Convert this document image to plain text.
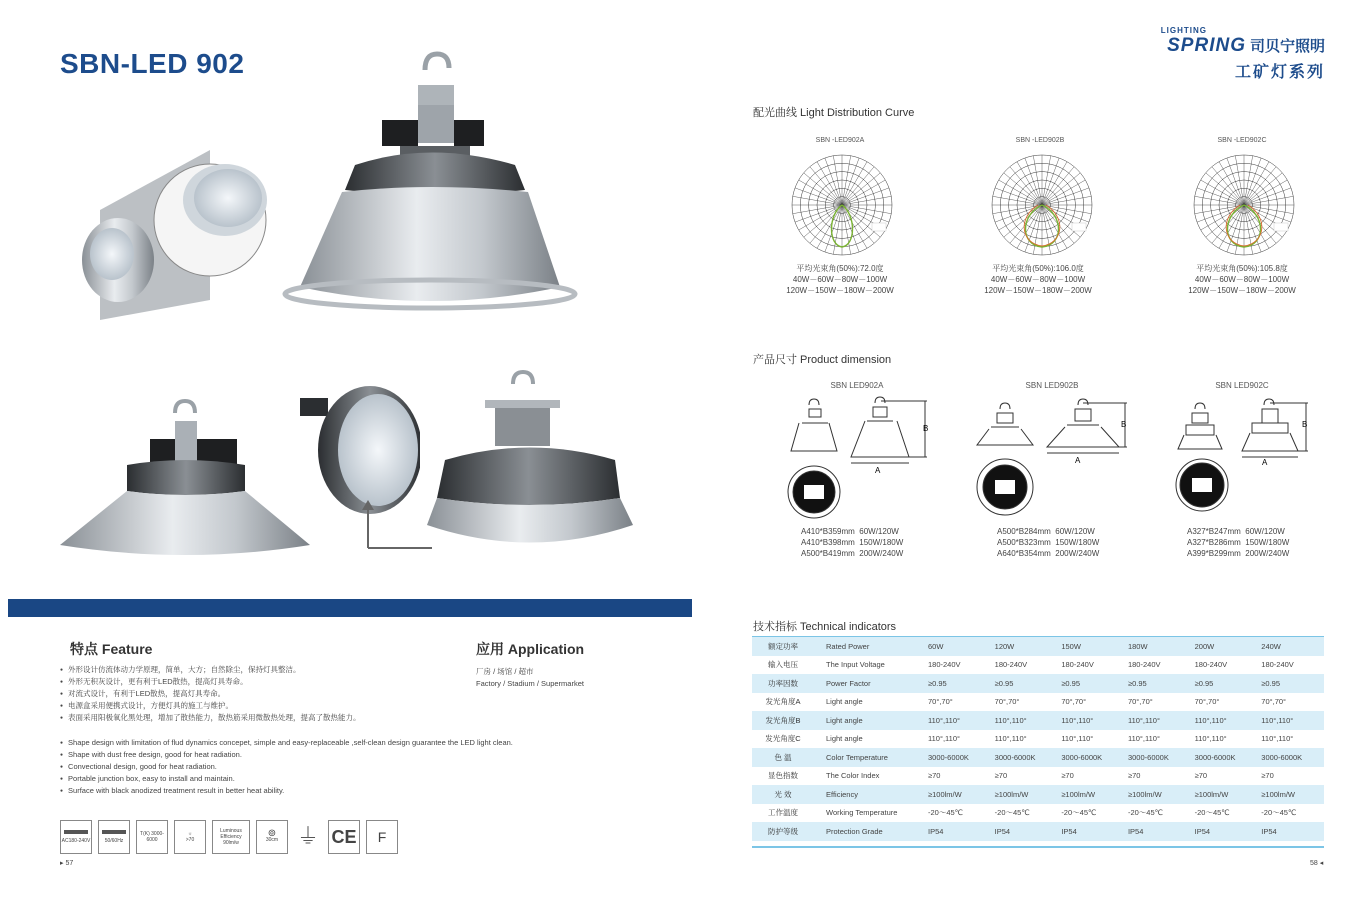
SBN-LED 902
特点 Feature	应用 Application
● 外形设计仿流体动力学原理，简单，大方；自然除尘，保持灯具整洁。
● 外形无积灰设计，更有利于LED散热，提高灯具寿命。
● 对流式设计，有利于LED散热，提高灯具寿命。
● 电源盒采用便携式设计，方便灯具的施工与维护。
● 表面采用阳极氧化黑处理，增加了散热能力，散热筋采用微散热处理，提高了散热能力。
● Shape design with limitation of flud dynamics concepet, simple and easy-replaceable ,self-clean design guarantee the LED light clean.
● Shape with dust free design, good for heat radiation.
● Convectional design, good for heat radiation.
● Portable junction box, easy to install and maintain.
● Surface with black anodized treatment result in better heat ability.
厂房 / 场馆 / 超市
Factory / Stadium / Supermarket
AC180-240V	50/60Hz
T(K) 3000-6000
☼
>70
Luminous Efficiency 90lm/w
⊚
30cm ⏚ CE F
▸ 57
LIGHTING
SPRING 司贝宁照明
工矿灯系列
配光曲线 Light Distribution Curve
SBN -LED902A	SBN -LED902B	SBN -LED902C
平均光束角(50%):72.0度
40W－60W－80W－100W
120W－150W－180W－200W
平均光束角(50%):106.0度
40W－60W－80W－100W
120W－150W－180W－200W
平均光束角(50%):105.8度
40W－60W－80W－100W
120W－150W－180W－200W
产品尺寸 Product dimension
SBN LED902A	SBN LED902B	SBN LED902C
B
A
B
A
B
A
A410*B359mm  60W/120W
A410*B398mm  150W/180W
A500*B419mm  200W/240W
A500*B284mm  60W/120W
A500*B323mm  150W/180W
A640*B354mm  200W/240W
A327*B247mm  60W/120W
A327*B286mm  150W/180W
A399*B299mm  200W/240W
技术指标 Technical indicators
额定功率	Rated Power	60W	120W	150W	180W	200W	240W
输入电压	The Input Voltage	180-240V	180-240V	180-240V	180-240V	180-240V	180-240V
功率因数	Power Factor	≥0.95	≥0.95	≥0.95	≥0.95	≥0.95	≥0.95
发光角度A	Light angle	70°,70°	70°,70°	70°,70°	70°,70°	70°,70°	70°,70°
发光角度B	Light angle	110°,110°	110°,110°	110°,110°	110°,110°	110°,110°	110°,110°
发光角度C	Light angle	110°,110°	110°,110°	110°,110°	110°,110°	110°,110°	110°,110°
色 温	Color Temperature	3000-6000K	3000-6000K	3000-6000K	3000-6000K	3000-6000K	3000-6000K
显色指数	The Color Index	≥70	≥70	≥70	≥70	≥70	≥70
光 效	Efficiency	≥100lm/W	≥100lm/W	≥100lm/W	≥100lm/W	≥100lm/W	≥100lm/W
工作温度	Working Temperature	-20～45℃	-20～45℃	-20～45℃	-20～45℃	-20～45℃	-20～45℃
防护等级	Protection Grade	IP54	IP54	IP54	IP54	IP54	IP54
58 ◂
